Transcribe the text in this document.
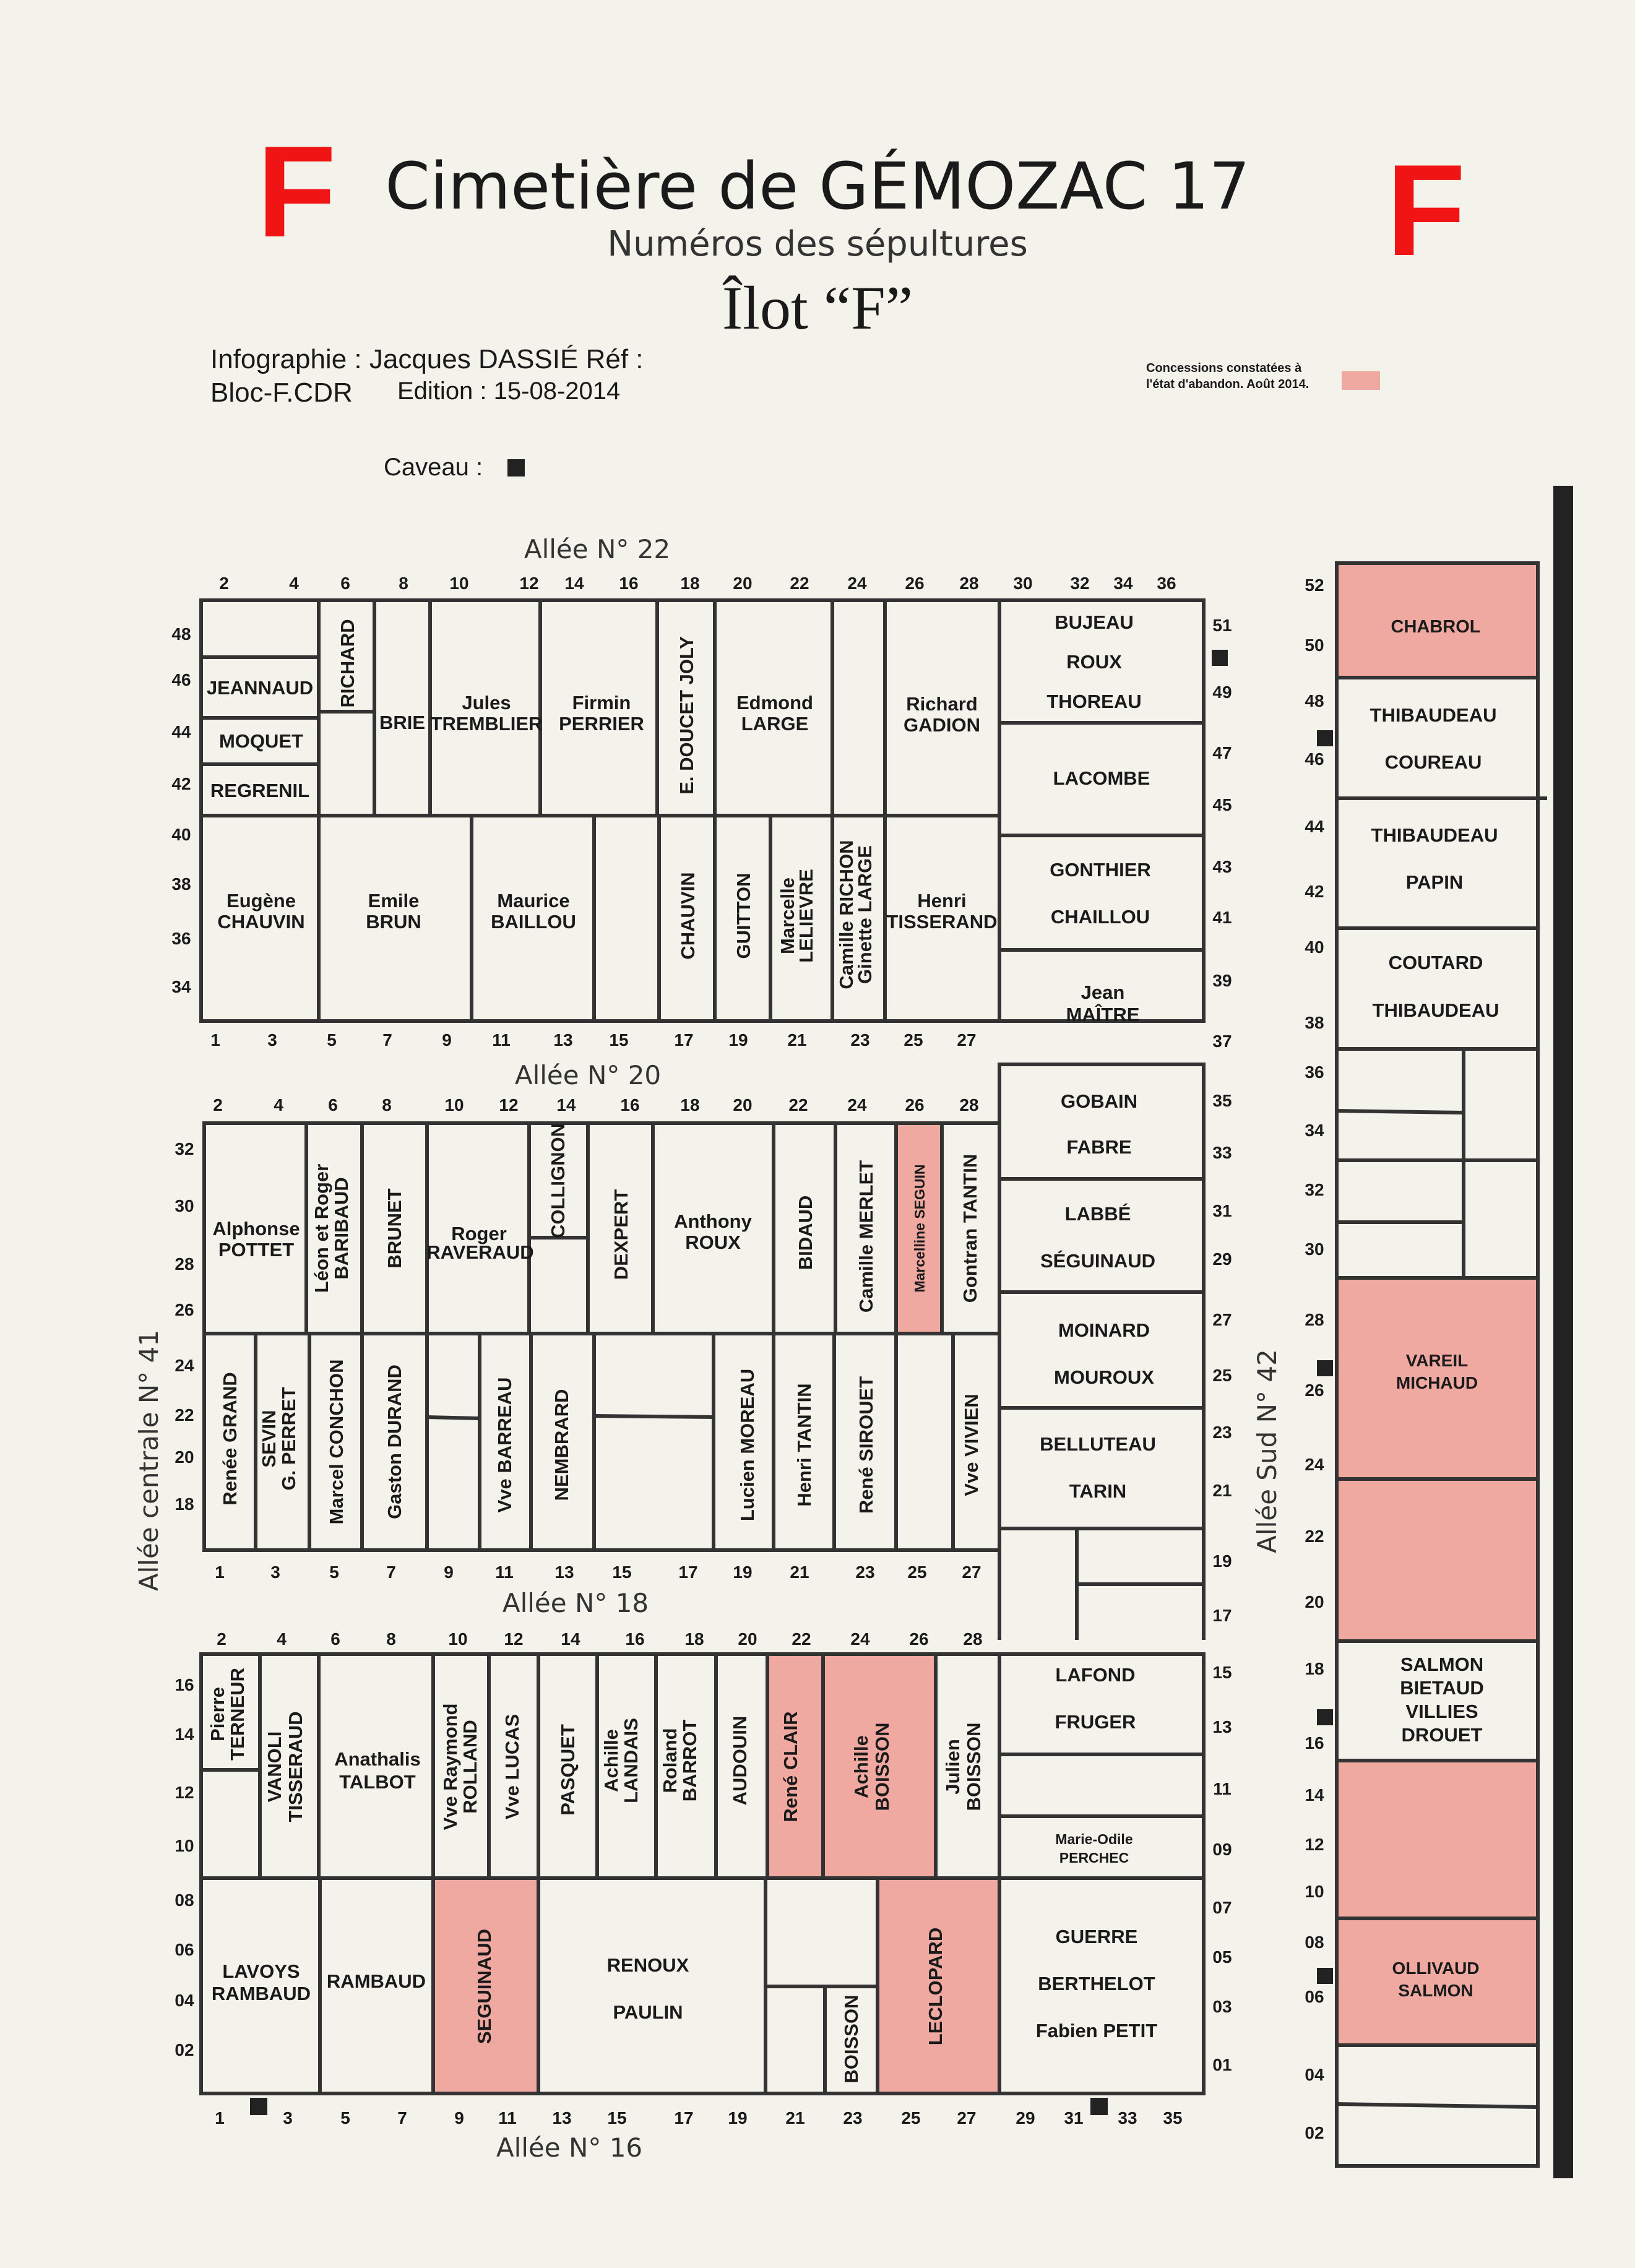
F	F
Cimetière de GÉMOZAC 17
Numéros des sépultures
Îlot “F”
Infographie : Jacques DASSIÉ Réf :
Bloc-F.CDR Edition : 15-08-2014
Caveau :
Concessions constatées à
l'état d'abandon. Août 2014.
Allée N° 22
Allée N° 20
Allée N° 18
Allée N° 16
Allée centrale N° 41	Allée Sud N° 42
2	4 6	8 10	12 14 16 18 20 22 24 26 28 30 32 34 36
1	3	5	7	9 11 13 15	17 19 21	23 25 27
48
46
44
42
40
38
36
34
2	4	6	8	10 12 14	16 18 20 22 24 26 28
1	3	5	7	9 11 13 15	17 19 21	23 25 27
32
30
28
26
24
22
20
18
2	4	6	8	10 12 14	16 18 20 22 24 26 28
1	3	5	7	9 11 13 15	17 19 21 23 25 27 29 31 33 35
16
14
12
10
08
06
04
02
51
49
47
45
43
41
39
37
35
33
31
29
27
25
23
21
19
17
15
13
11
09
07
05
03
01
52
50
48
46
44
42
40
38
36
34
32
30
28
26
24
22
20
18
16
14
12
10
08
06
04
02
JEANNAUD
MOQUET
REGRENIL
RICHARD
BRIE
Jules
TREMBLIER
Firmin
PERRIER E. DOUCET JOLY Edmond
LARGE
Richard
GADION
BUJEAU
ROUX
THOREAU
LACOMBE
Eugène
CHAUVIN
Emile
BRUN
Maurice
BAILLOU	CHAUVIN GUITTON Marcelle
LELIEVRE Camille RICHON
Ginette LARGE Henri
TISSERAND
GONTHIER
CHAILLOU
Jean
MAÎTRE
GOBAIN
FABRE
LABBÉ
SÉGUINAUD
MOINARD
MOUROUX
BELLUTEAU
TARIN
Alphonse
POTTET Léon et Roger
BARIBAUD BRUNET Roger
RAVERAUD
COLLIGNON DEXPERT Anthony
ROUX	BIDAUD Camille MERLET Marcelline SEGUIN Gontran TANTIN
Renée GRAND SEVIN
G. PERRET Marcel CONCHON Gaston DURAND	Vve BARREAU NEMBRARD	Lucien MOREAU Henri TANTIN René SIROUET	Vve VIVIEN
Pierre
TERNEUR
VANOLI TISSERAUD Anathalis
TALBOT Vve Raymond
ROLLAND Vve LUCAS PASQUET Achille
LANDAIS Roland
BARROT AUDOUIN René CLAIR	Achille BOISSON	Julien BOISSON
LAFOND
FRUGER
Marie-Odile
PERCHEC
LAVOYS
RAMBAUD
RAMBAUD SEGUINAUD	RENOUX
PAULIN	BOISSON	LECLOPARD	GUERRE
BERTHELOT
Fabien PETIT
CHABROL
THIBAUDEAU
COUREAU
THIBAUDEAU
PAPIN
COUTARD
THIBAUDEAU
VAREIL
MICHAUD
SALMON
BIETAUD
VILLIES
DROUET
OLLIVAUD
SALMON
